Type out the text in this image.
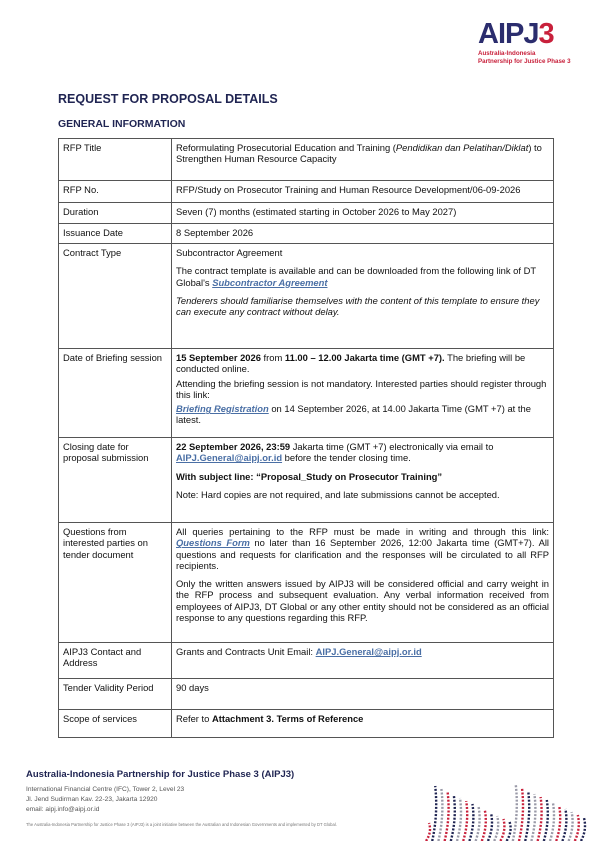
AIPJ3
Australia-Indonesia
Partnership for Justice Phase 3
REQUEST FOR PROPOSAL DETAILS
GENERAL INFORMATION
RFP Title	Reformulating Prosecutorial Education and Training (Pendidikan dan Pelatihan/Diklat) to Strengthen Human Resource Capacity
RFP No.	RFP/Study on Prosecutor Training and Human Resource Development/06-09-2026
Duration	Seven (7) months (estimated starting in October 2026 to May 2027)
Issuance Date	8 September 2026
Contract Type	Subcontractor Agreement

The contract template is available and can be downloaded from the following link of DT Global's Subcontractor Agreement

Tenderers should familiarise themselves with the content of this template to ensure they can execute any contract without delay.

Date of Briefing session	15 September 2026 from 11.00 – 12.00 Jakarta time (GMT +7). The briefing will be conducted online.

Attending the briefing session is not mandatory. Interested parties should register through this link:

Briefing Registration on 14 September 2026, at 14.00 Jakarta Time (GMT +7) at the latest.

Closing date for proposal submission	22 September 2026, 23:59 Jakarta time (GMT +7) electronically via email to AIPJ.General@aipj.or.id before the tender closing time.

With subject line: “Proposal_Study on Prosecutor Training”

Note: Hard copies are not required, and late submissions cannot be accepted.

Questions from interested parties on tender document	All queries pertaining to the RFP must be made in writing and through this link: Questions Form no later than 16 September 2026, 12:00 Jakarta time (GMT+7). All questions and requests for clarification and the responses will be circulated to all RFP recipients.

Only the written answers issued by AIPJ3 will be considered official and carry weight in the RFP process and subsequent evaluation. Any verbal information received from employees of AIPJ3, DT Global or any other entity should not be considered as an official response to any questions regarding this RFP.

AIPJ3 Contact and Address	Grants and Contracts Unit Email: AIPJ.General@aipj.or.id
Tender Validity Period	90 days
Scope of services	Refer to Attachment 3. Terms of Reference
Australia-Indonesia Partnership for Justice Phase 3 (AIPJ3)
International Financial Centre (IFC), Tower 2, Level 23
Jl. Jend Sudirman Kav. 22-23, Jakarta 12920
email: aipj.info@aipj.or.id
The Australia-Indonesia Partnership for Justice Phase 3 (AIPJ3) is a joint initiative between the Australian and Indonesian Governments and implemented by DT Global.
